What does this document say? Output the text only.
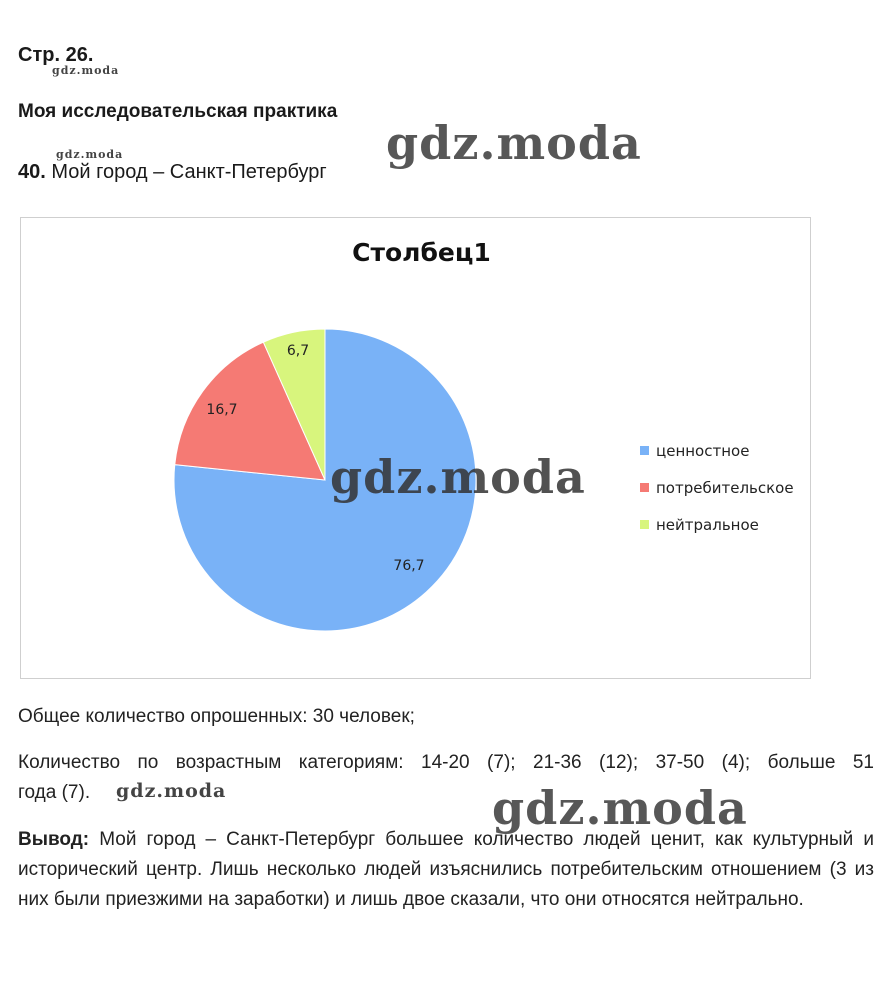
Стр. 26.
gdz.moda
Моя исследовательская практика
gdz.moda
gdz.moda
40. Мой город – Санкт-Петербург
Столбец1
76,7
16,7
6,7
ценностное
потребительское
нейтральное
gdz.moda
Общее количество опрошенных: 30 человек;
Количество по возрастным категориям: 14-20 (7); 21-36 (12); 37-50 (4); больше 51
года (7). gdz.moda	gdz.moda
Вывод: Мой город – Санкт-Петербург большее количество людей ценит, как культурный и исторический центр. Лишь несколько людей изъяснились потребительским отношением (3 из них были приезжими на заработки) и лишь двое сказали, что они относятся нейтрально.
